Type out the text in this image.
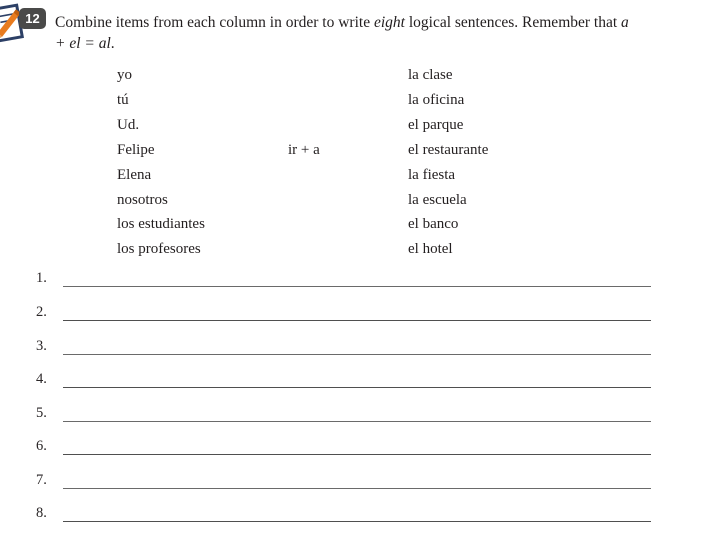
12 Combine items from each column in order to write eight logical sentences. Remember that a
+ el = al.
yo
tú
Ud.
Felipe
Elena
nosotros
los estudiantes
los profesores
ir + a
la clase
la oficina
el parque
el restaurante
la fiesta
la escuela
el banco
el hotel
1.
2.
3.
4.
5.
6.
7.
8.
